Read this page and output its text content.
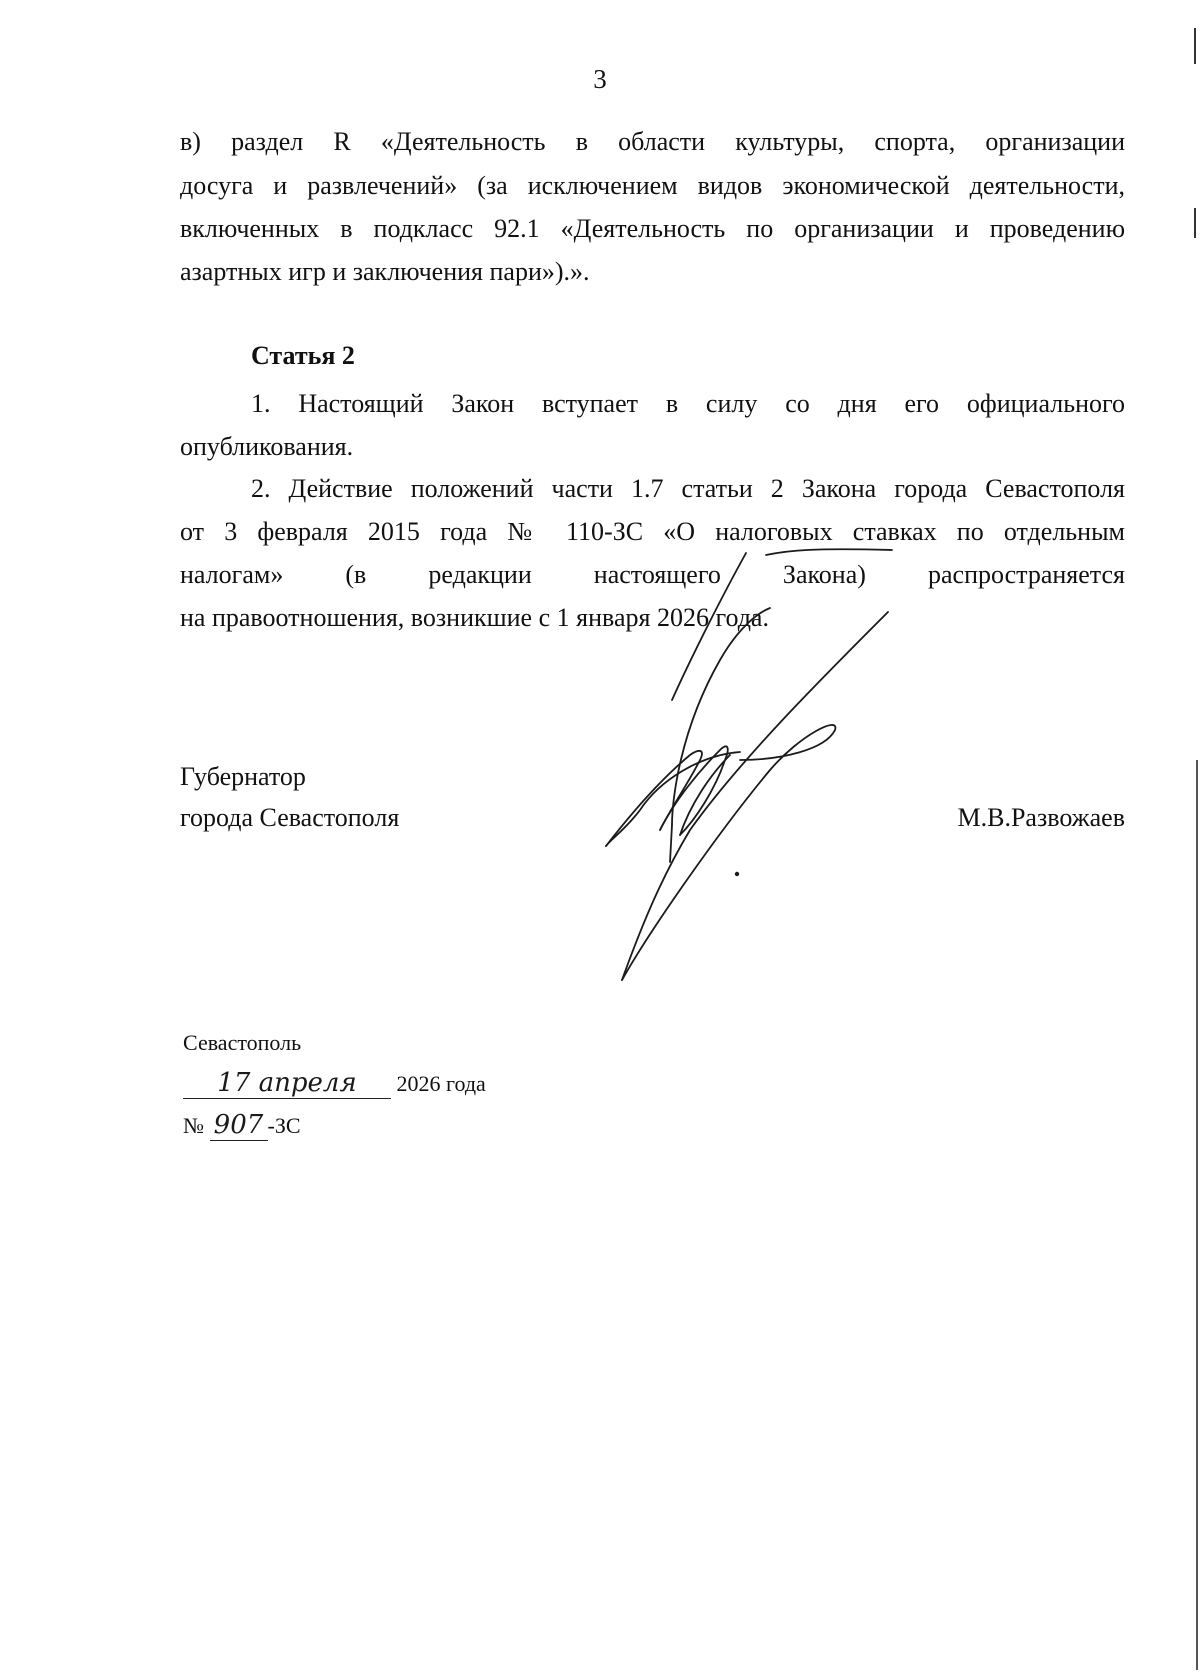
3
в) раздел R «Деятельность в области культуры, спорта, организации
досуга и развлечений» (за исключением видов экономической деятельности,
включенных в подкласс 92.1 «Деятельность по организации и проведению
азартных игр и заключения пари»).».
Статья 2
1. Настоящий Закон вступает в силу со дня его официального
опубликования.
2. Действие положений части 1.7 статьи 2 Закона города Севастополя
от 3 февраля 2015 года № 110-ЗС «О налоговых ставках по отдельным
налогам» (в редакции настоящего Закона) распространяется
на правоотношения, возникшие с 1 января 2026 года.
Губернатор
города Севастополя	М.В.Развожаев
Севастополь
17 апреля 2026 года
№ 907 -ЗС
